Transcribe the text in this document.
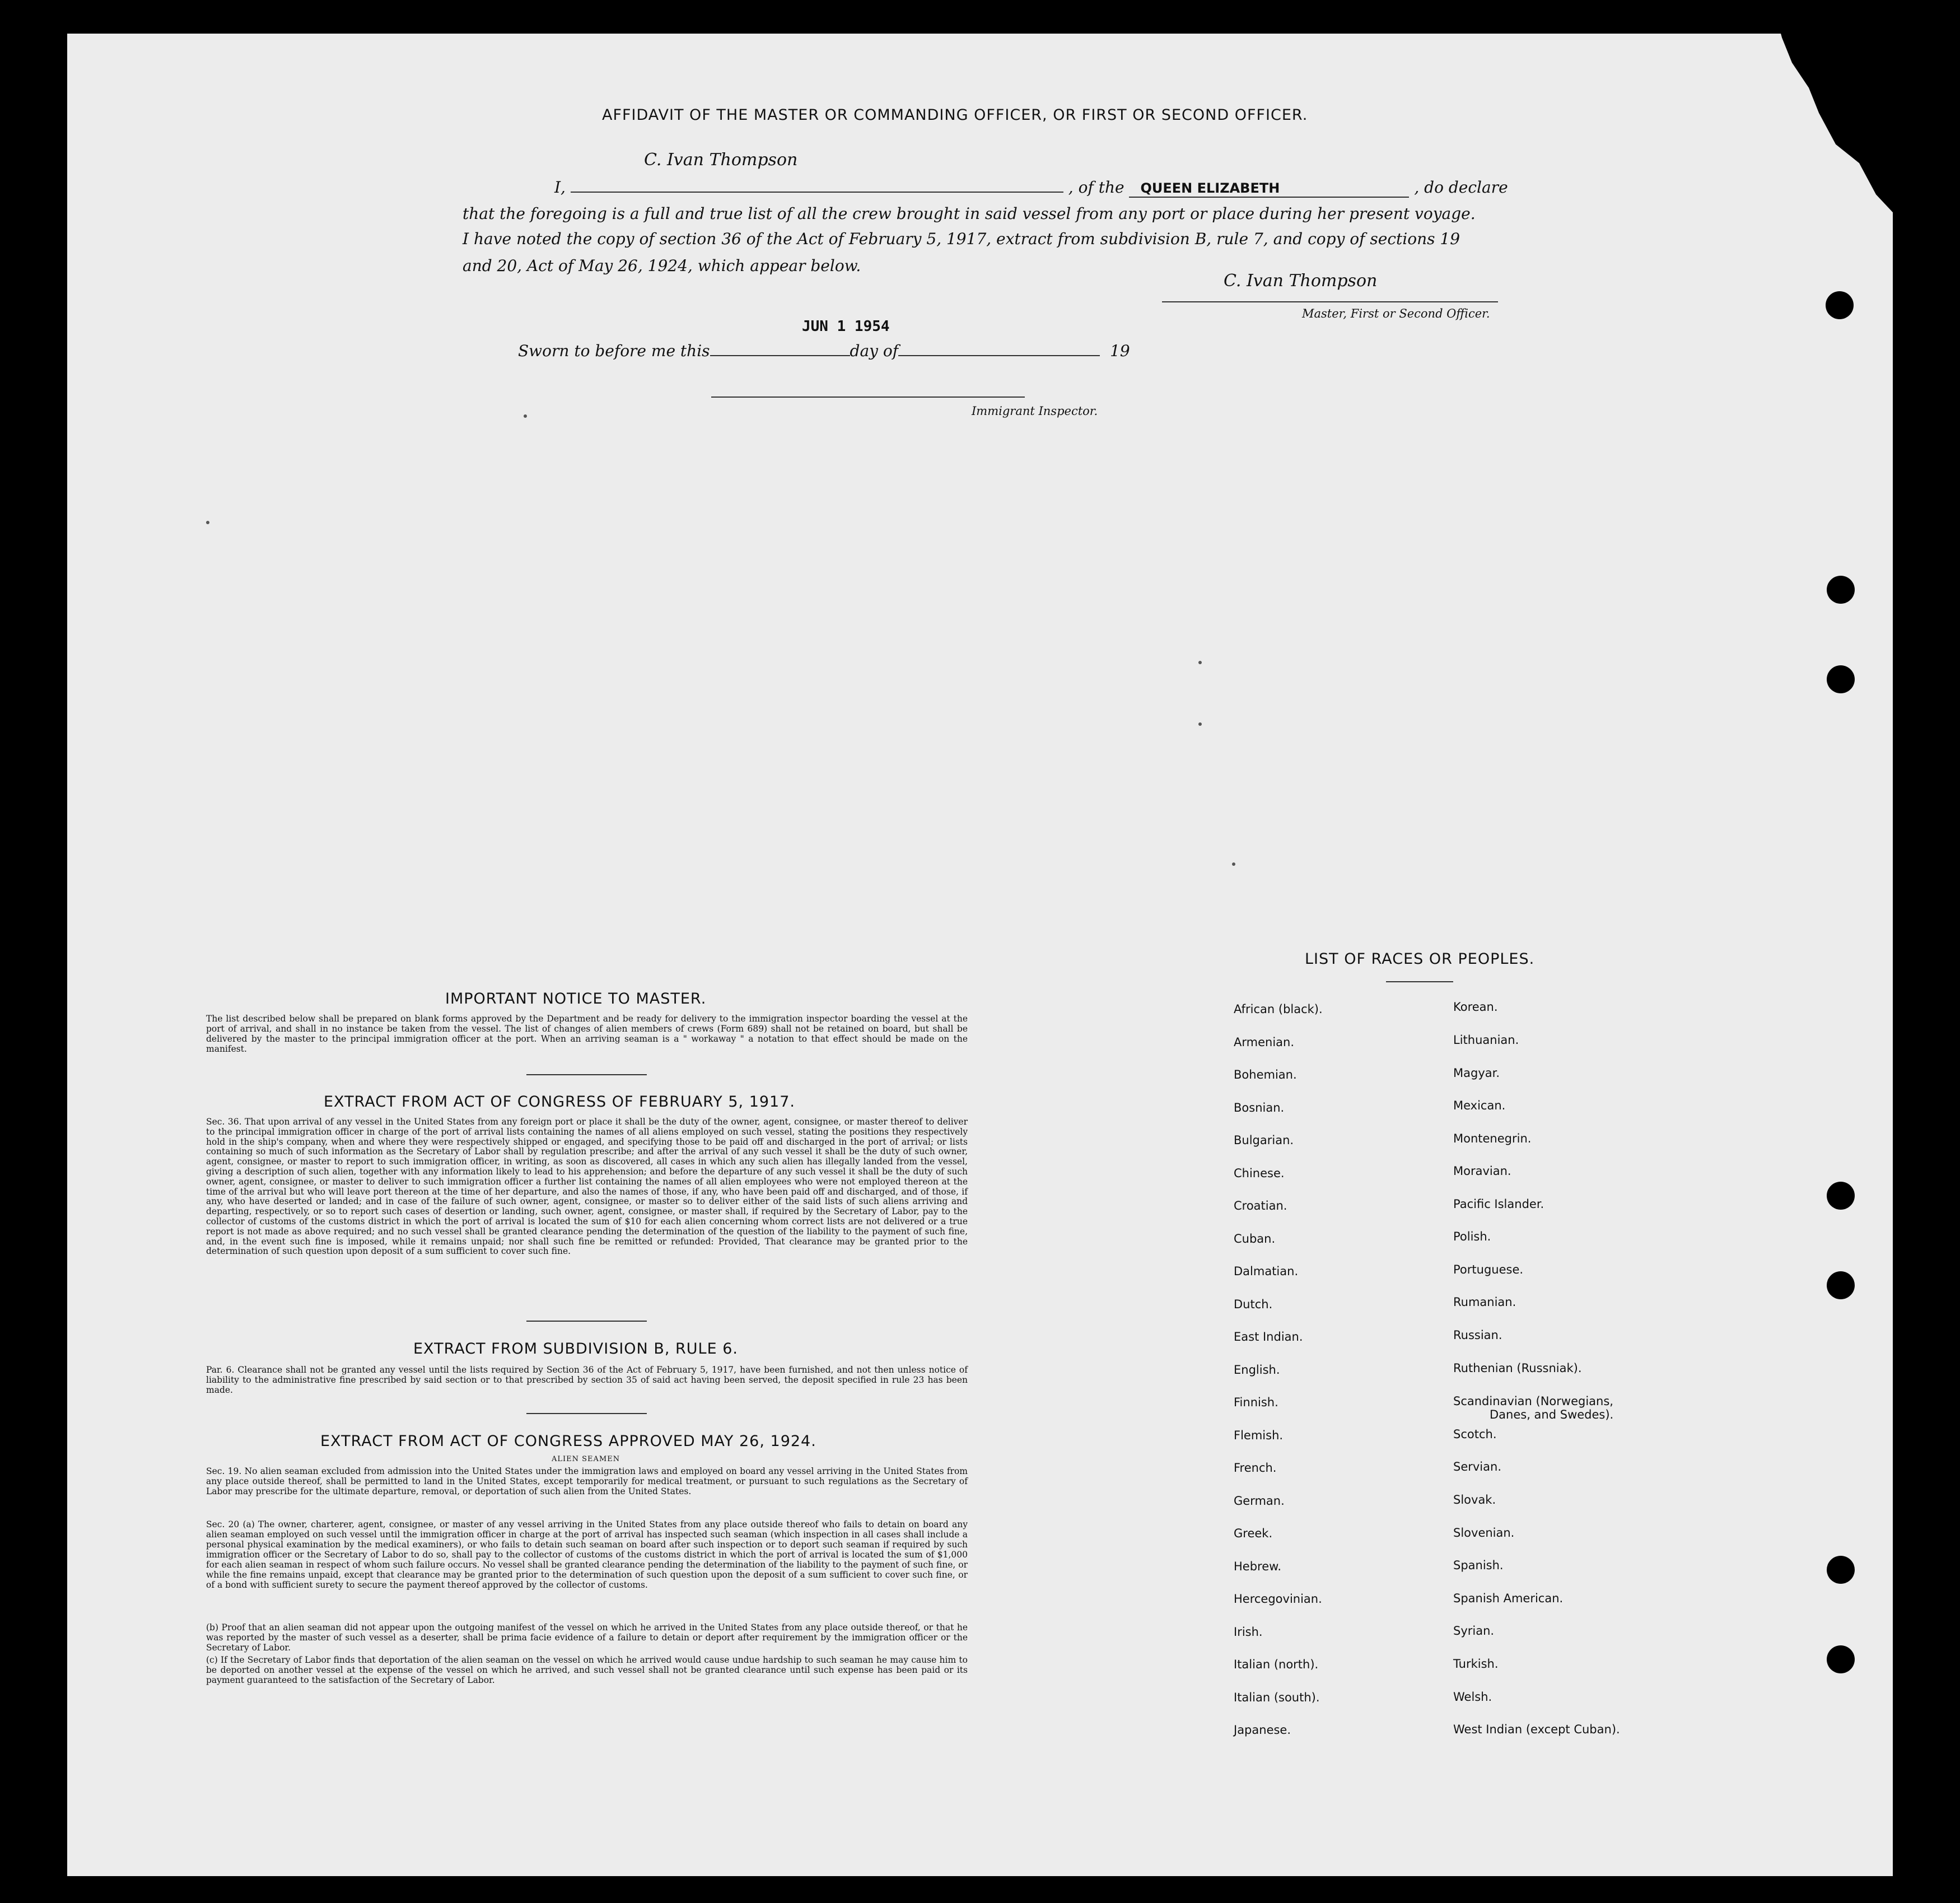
AFFIDAVIT OF THE MASTER OR COMMANDING OFFICER, OR FIRST OR SECOND OFFICER.
C. Ivan Thompson
I,	, of the QUEEN ELIZABETH	, do declare
that the foregoing is a full and true list of all the crew brought in said vessel from any port or place during her present voyage.
I have noted the copy of section 36 of the Act of February 5, 1917, extract from subdivision B, rule 7, and copy of sections 19
and 20, Act of May 26, 1924, which appear below.
C. Ivan Thompson
Master, First or Second Officer.
JUN 1 1954
Sworn to before me this	day of	19
Immigrant Inspector.
IMPORTANT NOTICE TO MASTER.
The list described below shall be prepared on blank forms approved by the Department and be ready for delivery to the immigration inspector boarding the vessel at the port of arrival, and shall in no instance be taken from the vessel. The list of changes of alien members of crews (Form 689) shall not be retained on board, but shall be delivered by the master to the principal immigration officer at the port. When an arriving seaman is a " workaway " a notation to that effect should be made on the manifest.
EXTRACT FROM ACT OF CONGRESS OF FEBRUARY 5, 1917.
Sec. 36. That upon arrival of any vessel in the United States from any foreign port or place it shall be the duty of the owner, agent, consignee, or master thereof to deliver to the principal immigration officer in charge of the port of arrival lists containing the names of all aliens employed on such vessel, stating the positions they respectively hold in the ship's company, when and where they were respectively shipped or engaged, and specifying those to be paid off and discharged in the port of arrival; or lists containing so much of such information as the Secretary of Labor shall by regulation prescribe; and after the arrival of any such vessel it shall be the duty of such owner, agent, consignee, or master to report to such immigration officer, in writing, as soon as discovered, all cases in which any such alien has illegally landed from the vessel, giving a description of such alien, together with any information likely to lead to his apprehension; and before the departure of any such vessel it shall be the duty of such owner, agent, consignee, or master to deliver to such immigration officer a further list containing the names of all alien employees who were not employed thereon at the time of the arrival but who will leave port thereon at the time of her departure, and also the names of those, if any, who have been paid off and discharged, and of those, if any, who have deserted or landed; and in case of the failure of such owner, agent, consignee, or master so to deliver either of the said lists of such aliens arriving and departing, respectively, or so to report such cases of desertion or landing, such owner, agent, consignee, or master shall, if required by the Secretary of Labor, pay to the collector of customs of the customs district in which the port of arrival is located the sum of $10 for each alien concerning whom correct lists are not delivered or a true report is not made as above required; and no such vessel shall be granted clearance pending the determination of the question of the liability to the payment of such fine, and, in the event such fine is imposed, while it remains unpaid; nor shall such fine be remitted or refunded: Provided, That clearance may be granted prior to the determination of such question upon deposit of a sum sufficient to cover such fine.
EXTRACT FROM SUBDIVISION B, RULE 6.
Par. 6. Clearance shall not be granted any vessel until the lists required by Section 36 of the Act of February 5, 1917, have been furnished, and not then unless notice of liability to the administrative fine prescribed by said section or to that prescribed by section 35 of said act having been served, the deposit specified in rule 23 has been made.
EXTRACT FROM ACT OF CONGRESS APPROVED MAY 26, 1924.
ALIEN SEAMEN
Sec. 19. No alien seaman excluded from admission into the United States under the immigration laws and employed on board any vessel arriving in the United States from any place outside thereof, shall be permitted to land in the United States, except temporarily for medical treatment, or pursuant to such regulations as the Secretary of Labor may prescribe for the ultimate departure, removal, or deportation of such alien from the United States.
Sec. 20 (a) The owner, charterer, agent, consignee, or master of any vessel arriving in the United States from any place outside thereof who fails to detain on board any alien seaman employed on such vessel until the immigration officer in charge at the port of arrival has inspected such seaman (which inspection in all cases shall include a personal physical examination by the medical examiners), or who fails to detain such seaman on board after such inspection or to deport such seaman if required by such immigration officer or the Secretary of Labor to do so, shall pay to the collector of customs of the customs district in which the port of arrival is located the sum of $1,000 for each alien seaman in respect of whom such failure occurs. No vessel shall be granted clearance pending the determination of the liability to the payment of such fine, or while the fine remains unpaid, except that clearance may be granted prior to the determination of such question upon the deposit of a sum sufficient to cover such fine, or of a bond with sufficient surety to secure the payment thereof approved by the collector of customs.
(b) Proof that an alien seaman did not appear upon the outgoing manifest of the vessel on which he arrived in the United States from any place outside thereof, or that he was reported by the master of such vessel as a deserter, shall be prima facie evidence of a failure to detain or deport after requirement by the immigration officer or the Secretary of Labor.
(c) If the Secretary of Labor finds that deportation of the alien seaman on the vessel on which he arrived would cause undue hardship to such seaman he may cause him to be deported on another vessel at the expense of the vessel on which he arrived, and such vessel shall not be granted clearance until such expense has been paid or its payment guaranteed to the satisfaction of the Secretary of Labor.
LIST OF RACES OR PEOPLES.
African (black).
Armenian.
Bohemian.
Bosnian.
Bulgarian.
Chinese.
Croatian.
Cuban.
Dalmatian.
Dutch.
East Indian.
English.
Finnish.
Flemish.
French.
German.
Greek.
Hebrew.
Hercegovinian.
Irish.
Italian (north).
Italian (south).
Japanese.
Korean.
Lithuanian.
Magyar.
Mexican.
Montenegrin.
Moravian.
Pacific Islander.
Polish.
Portuguese.
Rumanian.
Russian.
Ruthenian (Russniak).
Scandinavian (Norwegians,
Danes, and Swedes).
Scotch.
Servian.
Slovak.
Slovenian.
Spanish.
Spanish American.
Syrian.
Turkish.
Welsh.
West Indian (except Cuban).
